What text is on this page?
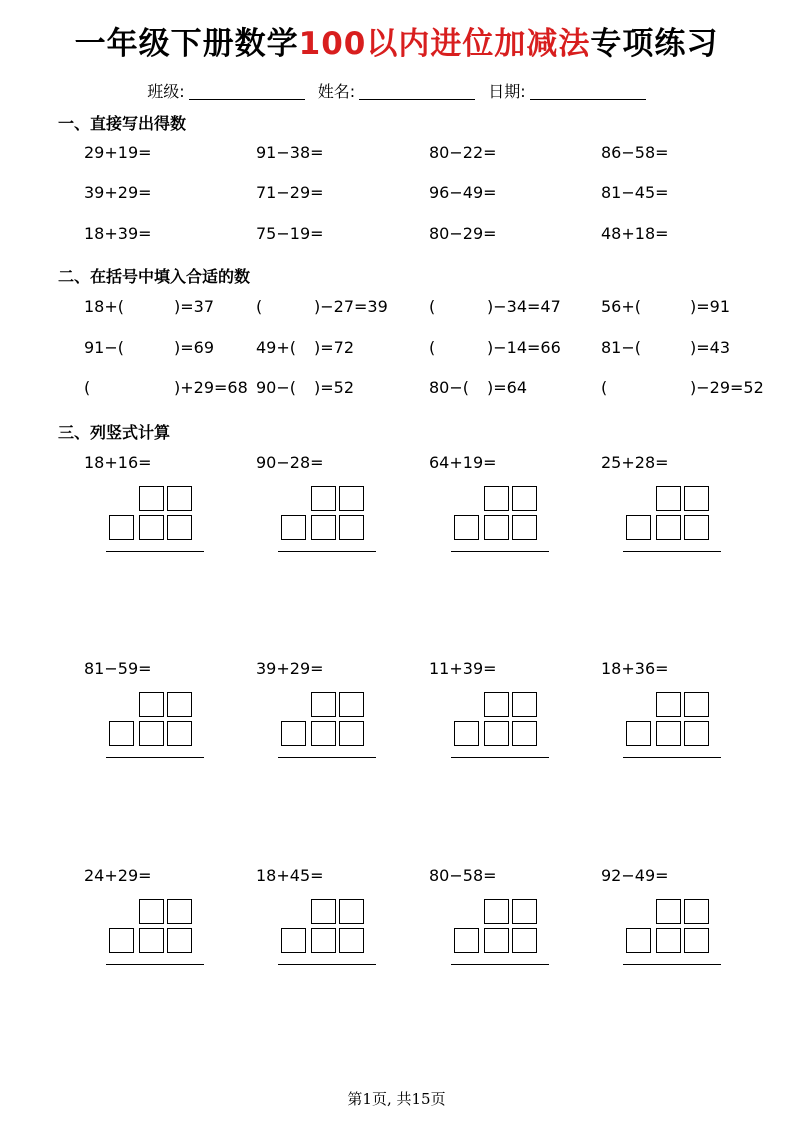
一年级下册数学100以内进位加减法专项练习
班级:	姓名:	日期:
一、直接写出得数
29+19=	91−38=	80−22=	86−58=
39+29=	71−29=	96−49=	81−45=
18+39=	75−19=	80−29=	48+18=
二、在括号中填入合适的数
18+(	)=37	(	)−27=39	(	)−34=47	56+(	)=91
91−(	)=69	49+( )=72	(	)−14=66	81−(	)=43
(	)+29=68 90−( )=52	80−( )=64	(	)−29=52
三、列竖式计算
18+16=	90−28=	64+19=	25+28=
81−59=	39+29=	11+39=	18+36=
24+29=	18+45=	80−58=	92−49=
第1页, 共15页
